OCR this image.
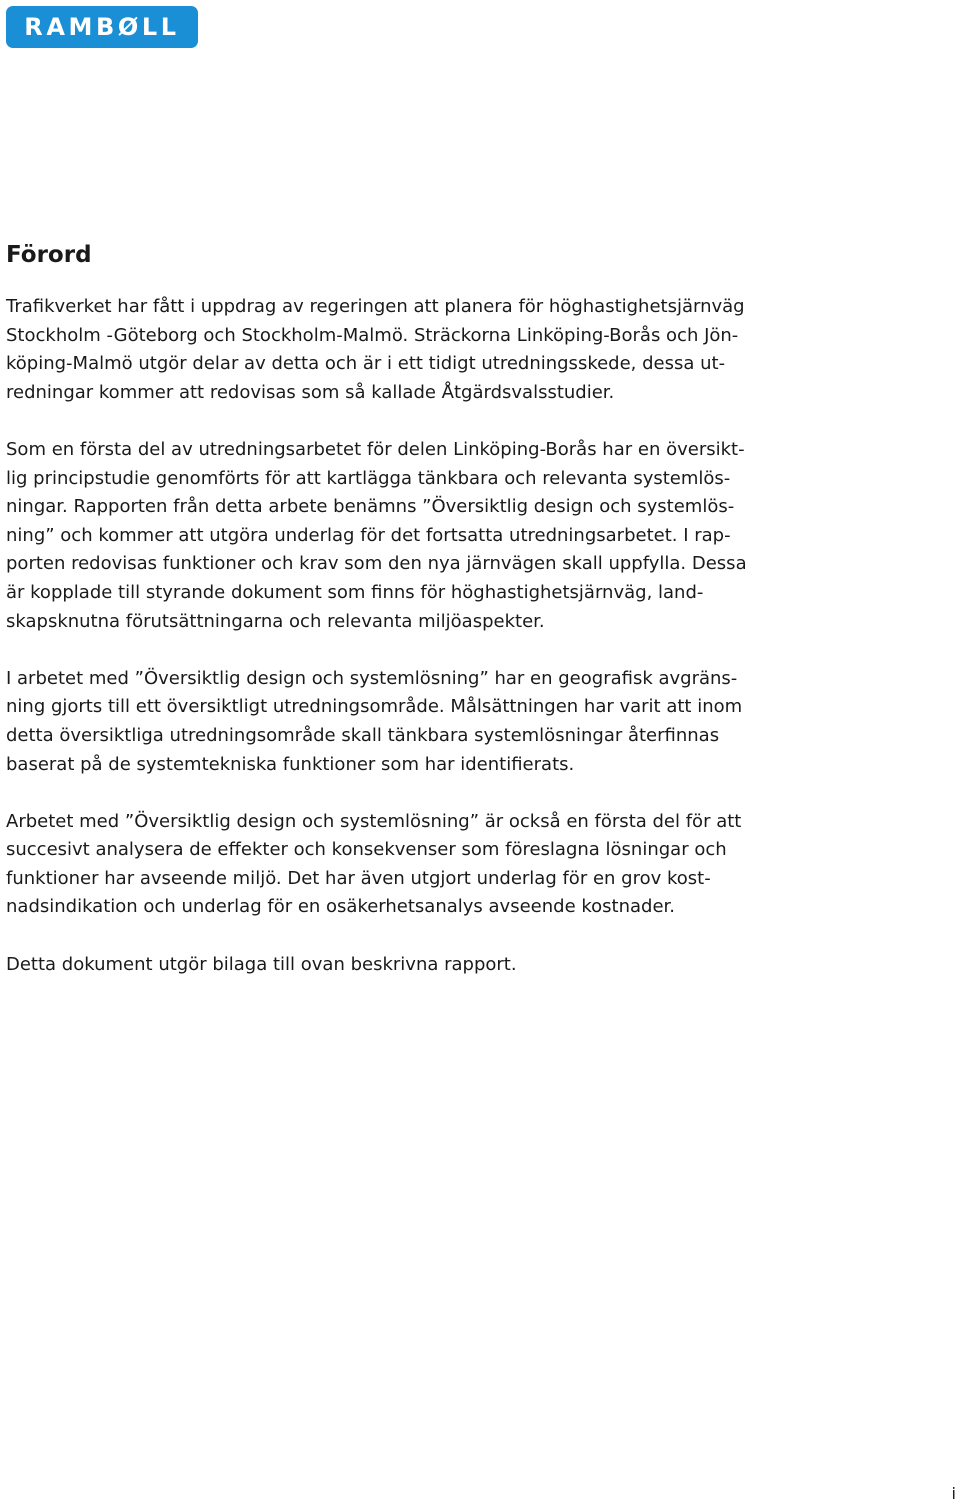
RAMBØLL
Förord

Trafikverket har fått i uppdrag av regeringen att planera för höghastighetsjärnväg
Stockholm -Göteborg och Stockholm-Malmö. Sträckorna Linköping-Borås och Jön-
köping-Malmö utgör delar av detta och är i ett tidigt utredningsskede, dessa ut-
redningar kommer att redovisas som så kallade Åtgärdsvalsstudier.

Som en första del av utredningsarbetet för delen Linköping-Borås har en översikt-
lig principstudie genomförts för att kartlägga tänkbara och relevanta systemlös-
ningar. Rapporten från detta arbete benämns ”Översiktlig design och systemlös-
ning” och kommer att utgöra underlag för det fortsatta utredningsarbetet. I rap-
porten redovisas funktioner och krav som den nya järnvägen skall uppfylla. Dessa
är kopplade till styrande dokument som finns för höghastighetsjärnväg, land-
skapsknutna förutsättningarna och relevanta miljöaspekter.

I arbetet med ”Översiktlig design och systemlösning” har en geografisk avgräns-
ning gjorts till ett översiktligt utredningsområde. Målsättningen har varit att inom
detta översiktliga utredningsområde skall tänkbara systemlösningar återfinnas
baserat på de systemtekniska funktioner som har identifierats.

Arbetet med ”Översiktlig design och systemlösning” är också en första del för att
succesivt analysera de effekter och konsekvenser som föreslagna lösningar och
funktioner har avseende miljö. Det har även utgjort underlag för en grov kost-
nadsindikation och underlag för en osäkerhetsanalys avseende kostnader.

Detta dokument utgör bilaga till ovan beskrivna rapport.

i
